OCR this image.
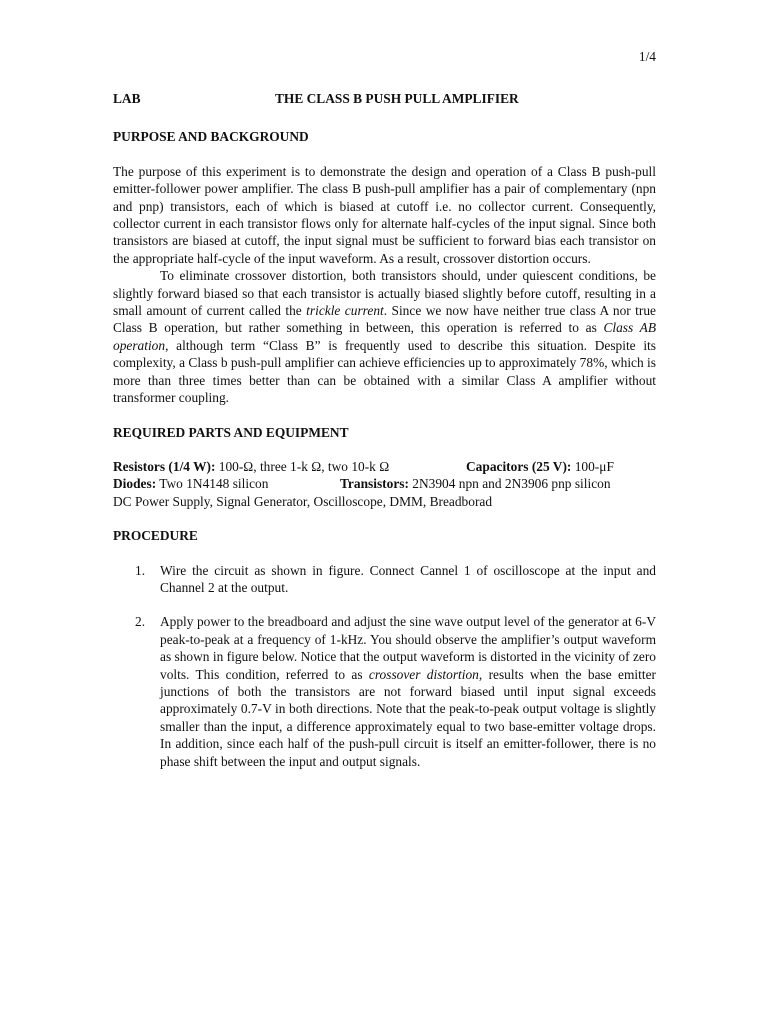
1/4
LAB	THE CLASS B PUSH PULL AMPLIFIER
PURPOSE AND BACKGROUND

The purpose of this experiment is to demonstrate the design and operation of a Class B push-pull emitter-follower power amplifier. The class B push-pull amplifier has a pair of complementary (npn and pnp) transistors, each of which is biased at cutoff i.e. no collector current. Consequently, collector current in each transistor flows only for alternate half-cycles of the input signal. Since both transistors are biased at cutoff, the input signal must be sufficient to forward bias each transistor on the appropriate half-cycle of the input waveform. As a result, crossover distortion occurs.

To eliminate crossover distortion, both transistors should, under quiescent conditions, be slightly forward biased so that each transistor is actually biased slightly before cutoff, resulting in a small amount of current called the trickle current. Since we now have neither true class A nor true Class B operation, but rather something in between, this operation is referred to as Class AB operation, although term “Class B” is frequently used to describe this situation. Despite its complexity, a Class b push-pull amplifier can achieve efficiencies up to approximately 78%, which is more than three times better than can be obtained with a similar Class A amplifier without transformer coupling.

REQUIRED PARTS AND EQUIPMENT
Resistors (1/4 W): 100-Ω, three 1-k Ω, two 10-k Ω	Capacitors (25 V): 100-μF
Diodes: Two 1N4148 silicon	Transistors: 2N3904 npn and 2N3906 pnp silicon

DC Power Supply, Signal Generator, Oscilloscope, DMM, Breadborad

PROCEDURE
1.	Wire the circuit as shown in figure. Connect Cannel 1 of oscilloscope at the input and Channel 2 at the output.
2.	Apply power to the breadboard and adjust the sine wave output level of the generator at 6-V peak-to-peak at a frequency of 1-kHz. You should observe the amplifier’s output waveform as shown in figure below. Notice that the output waveform is distorted in the vicinity of zero volts. This condition, referred to as crossover distortion, results when the base emitter junctions of both the transistors are not forward biased until input signal exceeds approximately 0.7-V in both directions. Note that the peak-to-peak output voltage is slightly smaller than the input, a difference approximately equal to two base-emitter voltage drops. In addition, since each half of the push-pull circuit is itself an emitter-follower, there is no phase shift between the input and output signals.
